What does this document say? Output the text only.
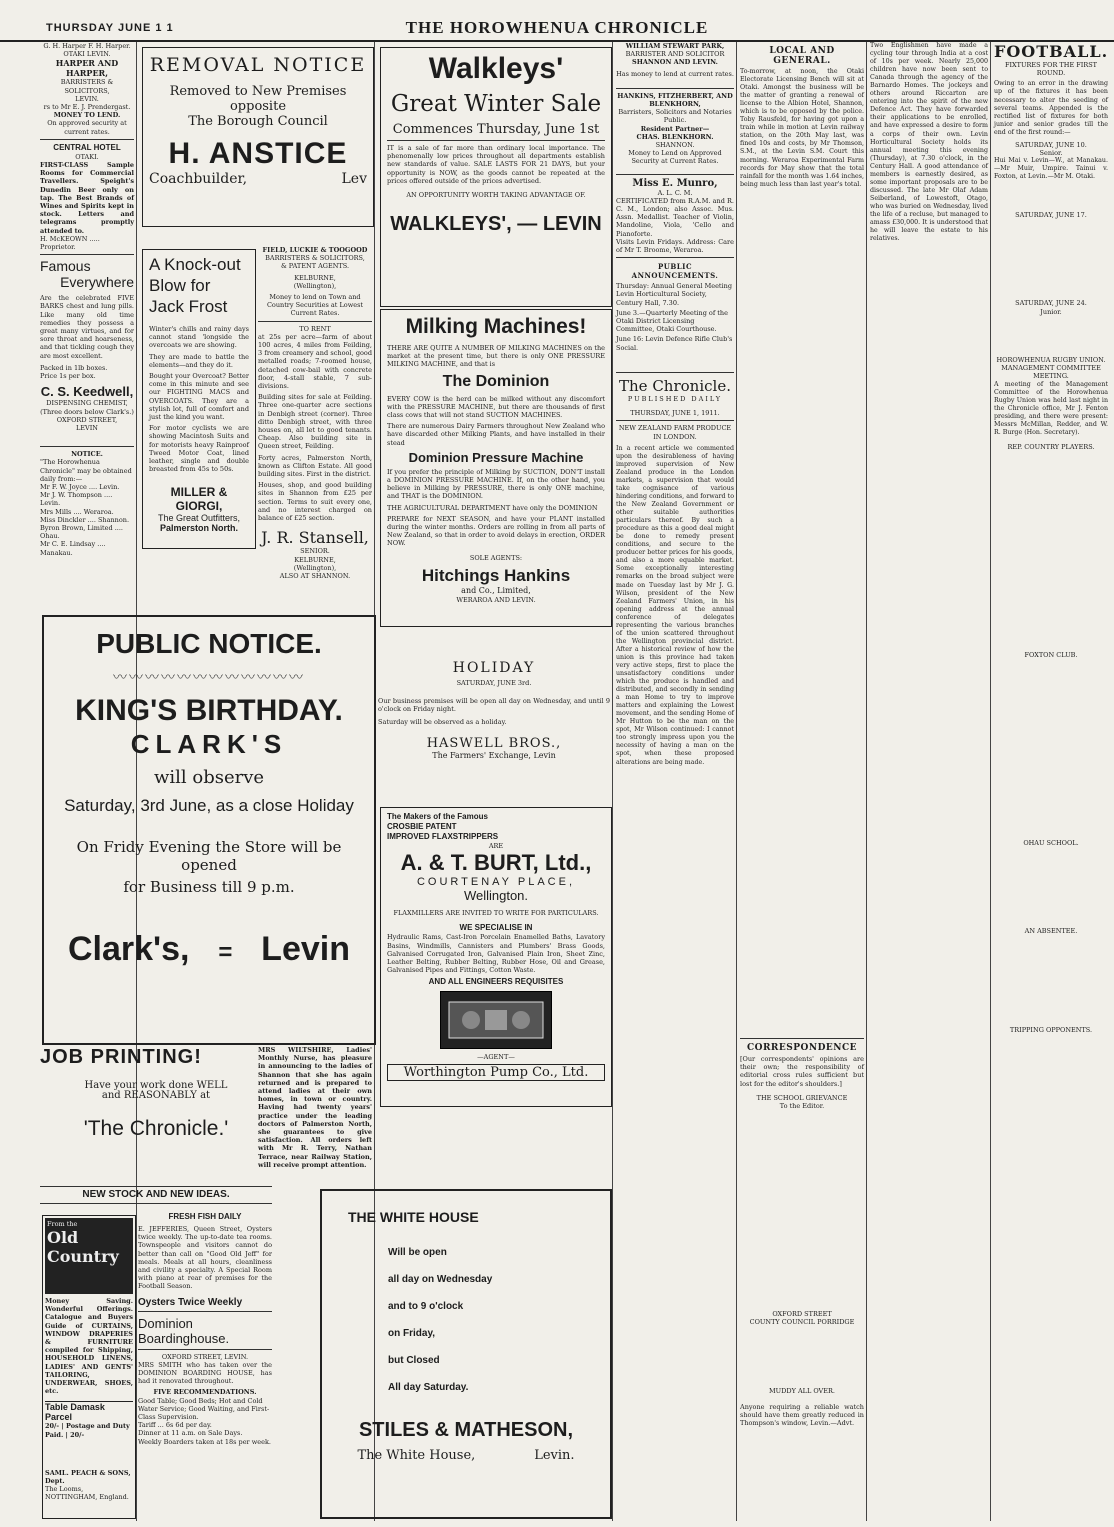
THURSDAY JUNE 1 1	THE HOROWHENUA CHRONICLE
G. H. Harper F. H. Harper.
OTAKI LEVIN.
HARPER AND HARPER,
BARRISTERS & SOLICITORS,
LEVIN.
rs to Mr E. J. Prendergast.
MONEY TO LEND.
On approved security at current rates.
CENTRAL HOTEL
OTAKI.
FIRST-CLASS Sample Rooms for Commercial Travellers. Speight's Dunedin Beer only on tap. The Best Brands of Wines and Spirits kept in stock. Letters and telegrams promptly attended to.
H. McKEOWN ..... Proprietor.
Famous
Everywhere
Are the celebrated FIVE BARKS chest and lung pills. Like many old time remedies they possess a great many virtues, and for sore throat and hoarseness, and that tickling cough they are most excellent.
Packed in 1lb boxes.
Price 1s per box.
C. S. Keedwell,
DISPENSING CHEMIST,
(Three doors below Clark's.)
OXFORD STREET,
LEVIN
NOTICE.
"The Horowhenua Chronicle" may be obtained daily from:—
Mr F. W. Joyce .... Levin.
Mr J. W. Thompson .... Levin.
Mrs Mills .... Weraroa.
Miss Dinckler .... Shannon.
Byron Brown, Limited .... Ohau.
Mr C. E. Lindsay .... Manakau.
REMOVAL NOTICE
Removed to New Premises
opposite
The Borough Council
H. ANSTICE
Coachbuilder,	Lev
A Knock-out
Blow for
Jack Frost
Winter's chills and rainy days cannot stand 'longside the overcoats we are showing.
They are made to battle the elements—and they do it.
Bought your Overcoat? Better come in this minute and see our FIGHTING MACS and OVERCOATS. They are a stylish lot, full of comfort and just the kind you want.
For motor cyclists we are showing Macintosh Suits and for motorists heavy Rainproof Tweed Motor Coat, lined leather, single and double breasted from 45s to 50s.
MILLER & GIORGI,
The Great Outfitters,
Palmerston North.
FIELD, LUCKIE & TOOGOOD
BARRISTERS & SOLICITORS,
& PATENT AGENTS.
KELBURNE,
(Wellington),
Money to lend on Town and Country Securities at Lowest Current Rates.
TO RENT
at 25s per acre—farm of about 100 acres, 4 miles from Feilding, 3 from creamery and school, good metalled roads; 7-roomed house, detached cow-bail with concrete floor, 4-stall stable, 7 sub-divisions.
Building sites for sale at Feilding. Three one-quarter acre sections in Denbigh street (corner). Three ditto Denbigh street, with three houses on, all let to good tenants. Cheap. Also building site in Queen street, Feilding.
Forty acres, Palmerston North, known as Clifton Estate. All good building sites. First in the district.
Houses, shop, and good building sites in Shannon from £25 per section. Terms to suit every one, and no interest charged on balance of £25 section.
J. R. Stansell,
SENIOR.
KELBURNE,
(Wellington),
ALSO AT SHANNON.
Walkleys'
Great Winter Sale
Commences Thursday, June 1st
IT is a sale of far more than ordinary local importance. The phenomenally low prices throughout all departments establish new standards of value. SALE LASTS FOR 21 DAYS, but your opportunity is NOW, as the goods cannot be repeated at the prices offered outside of the prices advertised.
AN OPPORTUNITY WORTH TAKING ADVANTAGE OF.
WALKLEYS', — LEVIN
Milking Machines!
THERE ARE QUITE A NUMBER OF MILKING MACHINES on the market at the present time, but there is only ONE PRESSURE MILKING MACHINE, and that is
The Dominion
EVERY COW is the herd can be milked without any discomfort with the PRESSURE MACHINE, but there are thousands of first class cows that will not stand SUCTION MACHINES.
There are numerous Dairy Farmers throughout New Zealand who have discarded other Milking Plants, and have installed in their stead
Dominion Pressure Machine
If you prefer the principle of Milking by SUCTION, DON'T install a DOMINION PRESSURE MACHINE. If, on the other hand, you believe in Milking by PRESSURE, there is only ONE machine, and THAT is the DOMINION.
THE AGRICULTURAL DEPARTMENT have only the DOMINION
PREPARE for NEXT SEASON, and have your PLANT installed during the winter months. Orders are rolling in from all parts of New Zealand, so that in order to avoid delays in erection, ORDER NOW.
SOLE AGENTS:
Hitchings Hankins
and Co., Limited,
WERAROA AND LEVIN.
PUBLIC NOTICE.
〰〰〰〰〰〰〰〰〰〰〰〰
KING'S BIRTHDAY.
CLARK'S
will observe
Saturday, 3rd June, as a close Holiday
On Fridy Evening the Store will be opened
for Business till 9 p.m.
Clark's, = Levin
HOLIDAY
SATURDAY, JUNE 3rd.
Our business premises will be open all day on Wednesday, and until 9 o'clock on Friday night.
Saturday will be observed as a holiday.
HASWELL BROS.,
The Farmers' Exchange, Levin
The Makers of the Famous
CROSBIE PATENT
IMPROVED FLAXSTRIPPERS
ARE
A. & T. BURT, Ltd.,
COURTENAY PLACE,
Wellington.
FLAXMILLERS ARE INVITED TO WRITE FOR PARTICULARS.
WE SPECIALISE IN
Hydraulic Rams, Cast-Iron Porcelain Enamelled Baths, Lavatory Basins, Windmills, Cannisters and Plumbers' Brass Goods, Galvanised Corrugated Iron, Galvanised Plain Iron, Sheet Zinc, Leather Belting, Rubber Belting, Rubber Hose, Oil and Grease, Galvanised Pipes and Fittings, Cotton Waste.
AND ALL ENGINEERS REQUISITES
—AGENT—
Worthington Pump Co., Ltd.
JOB PRINTING!
Have your work done WELL
and REASONABLY at
'The Chronicle.'
NEW STOCK AND NEW IDEAS.
From the
Old Country
Money Saving. Wonderful Offerings. Catalogue and Buyers Guide of CURTAINS, WINDOW DRAPERIES & FURNITURE compiled for Shipping, HOUSEHOLD LINENS, LADIES' AND GENTS' TAILORING, UNDERWEAR, SHOES, etc.
Table Damask Parcel
20/- | Postage and Duty Paid. | 20/-
SAML. PEACH & SONS, Dept.
The Looms, NOTTINGHAM, England.
FRESH FISH DAILY
E. JEFFERIES, Queen Street, Oysters twice weekly. The up-to-date tea rooms. Townspeople and visitors cannot do better than call on "Good Old Jeff" for meals. Meals at all hours, cleanliness and civility a specialty. A Special Room with piano at rear of premises for the Football Season.
Oysters Twice Weekly
Dominion
Boardinghouse.
OXFORD STREET, LEVIN.
MRS SMITH who has taken over the DOMINION BOARDING HOUSE, has had it renovated throughout.
FIVE RECOMMENDATIONS.
Good Table; Good Beds; Hot and Cold Water Service; Good Waiting, and First-Class Supervision.
Tariff ... 6s 6d per day.
Dinner at 11 a.m. on Sale Days.
Weekly Boarders taken at 18s per week.
MRS WILTSHIRE, Ladies' Monthly Nurse, has pleasure in announcing to the ladies of Shannon that she has again returned and is prepared to attend ladies at their own homes, in town or country. Having had twenty years' practice under the leading doctors of Palmerston North, she guarantees to give satisfaction. All orders left with Mr R. Terry, Nathan Terrace, near Railway Station, will receive prompt attention.
THE WHITE HOUSE
Will be open
all day on Wednesday
and to 9 o'clock
on Friday,
but Closed
All day Saturday.
STILES & MATHESON,
The White House,	Levin.
WILLIAM STEWART PARK,
BARRISTER AND SOLICITOR
SHANNON AND LEVIN.
Has money to lend at current rates.
HANKINS, FITZHERBERT, AND BLENKHORN,
Barristers, Solicitors and Notaries Public.
Resident Partner—
CHAS. BLENKHORN.
SHANNON.
Money to Lend on Approved Security at Current Rates.
Miss E. Munro,
A. L. C. M.
CERTIFICATED from R.A.M. and R. C. M., London; also Assoc. Mus. Assn. Medallist. Teacher of Violin, Mandoline, Viola, 'Cello and Pianoforte.
Visits Levin Fridays. Address: Care of Mr T. Broome, Weraroa.
PUBLIC ANNOUNCEMENTS.
Thursday: Annual General Meeting Levin Horticultural Society, Century Hall, 7.30.
June 3.—Quarterly Meeting of the Otaki District Licensing Committee, Otaki Courthouse.
June 16: Levin Defence Rifle Club's Social.
The Chronicle.
PUBLISHED DAILY
THURSDAY, JUNE 1, 1911.
NEW ZEALAND FARM PRODUCE IN LONDON.
In a recent article we commented upon the desirableness of having improved supervision of New Zealand produce in the London markets, a supervision that would take cognisance of various hindering conditions, and forward to the New Zealand Government or other suitable authorities particulars thereof. By such a procedure as this a good deal might be done to remedy present conditions, and secure to the producer better prices for his goods, and also a more equable market. Some exceptionally interesting remarks on the broad subject were made on Tuesday last by Mr J. G. Wilson, president of the New Zealand Farmers' Union, in his opening address at the annual conference of delegates representing the various branches of the union scattered throughout the Wellington provincial district. After a historical review of how the union is this province had taken very active steps, first to place the unsatisfactory conditions under which the produce is handled and distributed, and secondly in sending a man Home to try to improve matters and explaining the Lowest movement, and the sending Home of Mr Hutton to be the man on the spot, Mr Wilson continued: I cannot too strongly impress upon you the necessity of having a man on the spot, when these proposed alterations are being made.
LOCAL AND GENERAL.
To-morrow, at noon, the Otaki Electorate Licensing Bench will sit at Otaki. Amongst the business will be the matter of granting a renewal of license to the Albion Hotel, Shannon, which is to be opposed by the police. Toby Rausfeld, for having got upon a train while in motion at Levin railway station, on the 20th May last, was fined 10s and costs, by Mr Thomson, S.M., at the Levin S.M. Court this morning. Weraroa Experimental Farm records for May show that the total rainfall for the month was 1.64 inches, being much less than last year's total.
CORRESPONDENCE
[Our correspondents' opinions are their own; the responsibility of editorial cross rules sufficient but lost for the editor's shoulders.]
THE SCHOOL GRIEVANCE
To the Editor.
OXFORD STREET
COUNTY COUNCIL PORRIDGE
MUDDY ALL OVER.
Anyone requiring a reliable watch should have them greatly reduced in Thompson's window, Levin.—Advt.
Two Englishmen have made a cycling tour through India at a cost of 10s per week. Nearly 25,000 children have now been sent to Canada through the agency of the Barnardo Homes. The jockeys and others around Riccarton are entering into the spirit of the new Defence Act. They have forwarded their applications to be enrolled, and have expressed a desire to form a corps of their own. Levin Horticultural Society holds its annual meeting this evening (Thursday), at 7.30 o'clock, in the Century Hall. A good attendance of members is earnestly desired, as some important proposals are to be discussed. The late Mr Olaf Adam Seiberland, of Lowestoft, Otago, who was buried on Wednesday, lived the life of a recluse, but managed to amass £30,000. It is understood that he will leave the estate to his relatives.
FOOTBALL.
FIXTURES FOR THE FIRST ROUND.
Owing to an error in the drawing up of the fixtures it has been necessary to alter the seeding of several teams. Appended is the rectified list of fixtures for both junior and senior grades till the end of the first round:—
SATURDAY, JUNE 10.
Senior.
Hui Mai v. Levin—W., at Manakau.—Mr Muir, Umpire. Tainui v. Foxton, at Levin.—Mr M. Otaki.
SATURDAY, JUNE 17.
SATURDAY, JUNE 24.
Junior.
HOROWHENUA RUGBY UNION.
MANAGEMENT COMMITTEE MEETING.
A meeting of the Management Committee of the Horowhenua Rugby Union was held last night in the Chronicle office, Mr J. Fenton presiding, and there were present: Messrs McMillan, Redder, and W. R. Burge (Hon. Secretary).
REP. COUNTRY PLAYERS.
FOXTON CLUB.
OHAU SCHOOL.
AN ABSENTEE.
TRIPPING OPPONENTS.
